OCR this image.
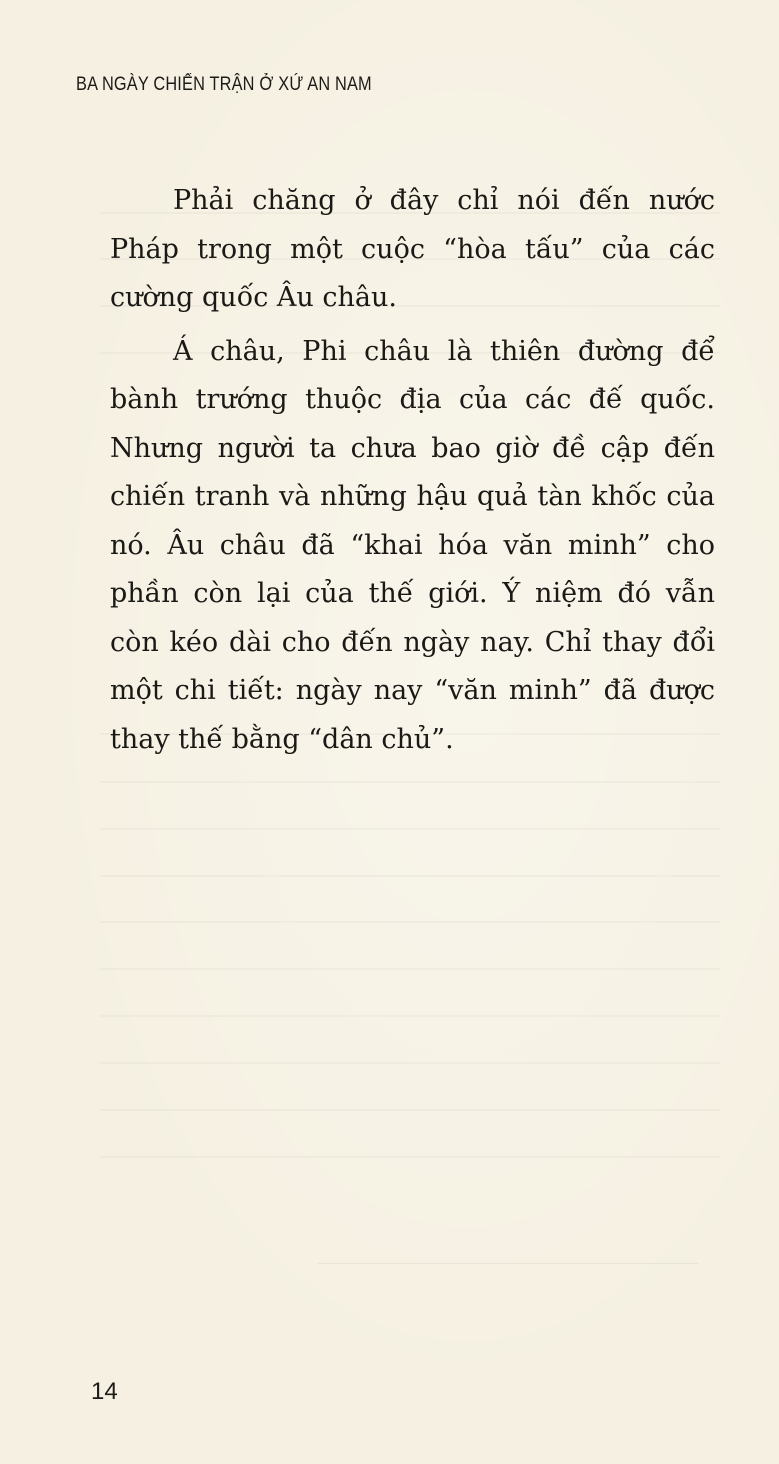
BA NGÀY CHIẾN TRẬN Ở XỨ AN NAM

Phải chăng ở đây chỉ nói đến nước Pháp trong một cuộc “hòa tấu” của các cường quốc Âu châu.

Á châu, Phi châu là thiên đường để bành trướng thuộc địa của các đế quốc. Nhưng người ta chưa bao giờ đề cập đến chiến tranh và những hậu quả tàn khốc của nó. Âu châu đã “khai hóa văn minh” cho phần còn lại của thế giới. Ý niệm đó vẫn còn kéo dài cho đến ngày nay. Chỉ thay đổi một chi tiết: ngày nay “văn minh” đã được thay thế bằng “dân chủ”.

14
